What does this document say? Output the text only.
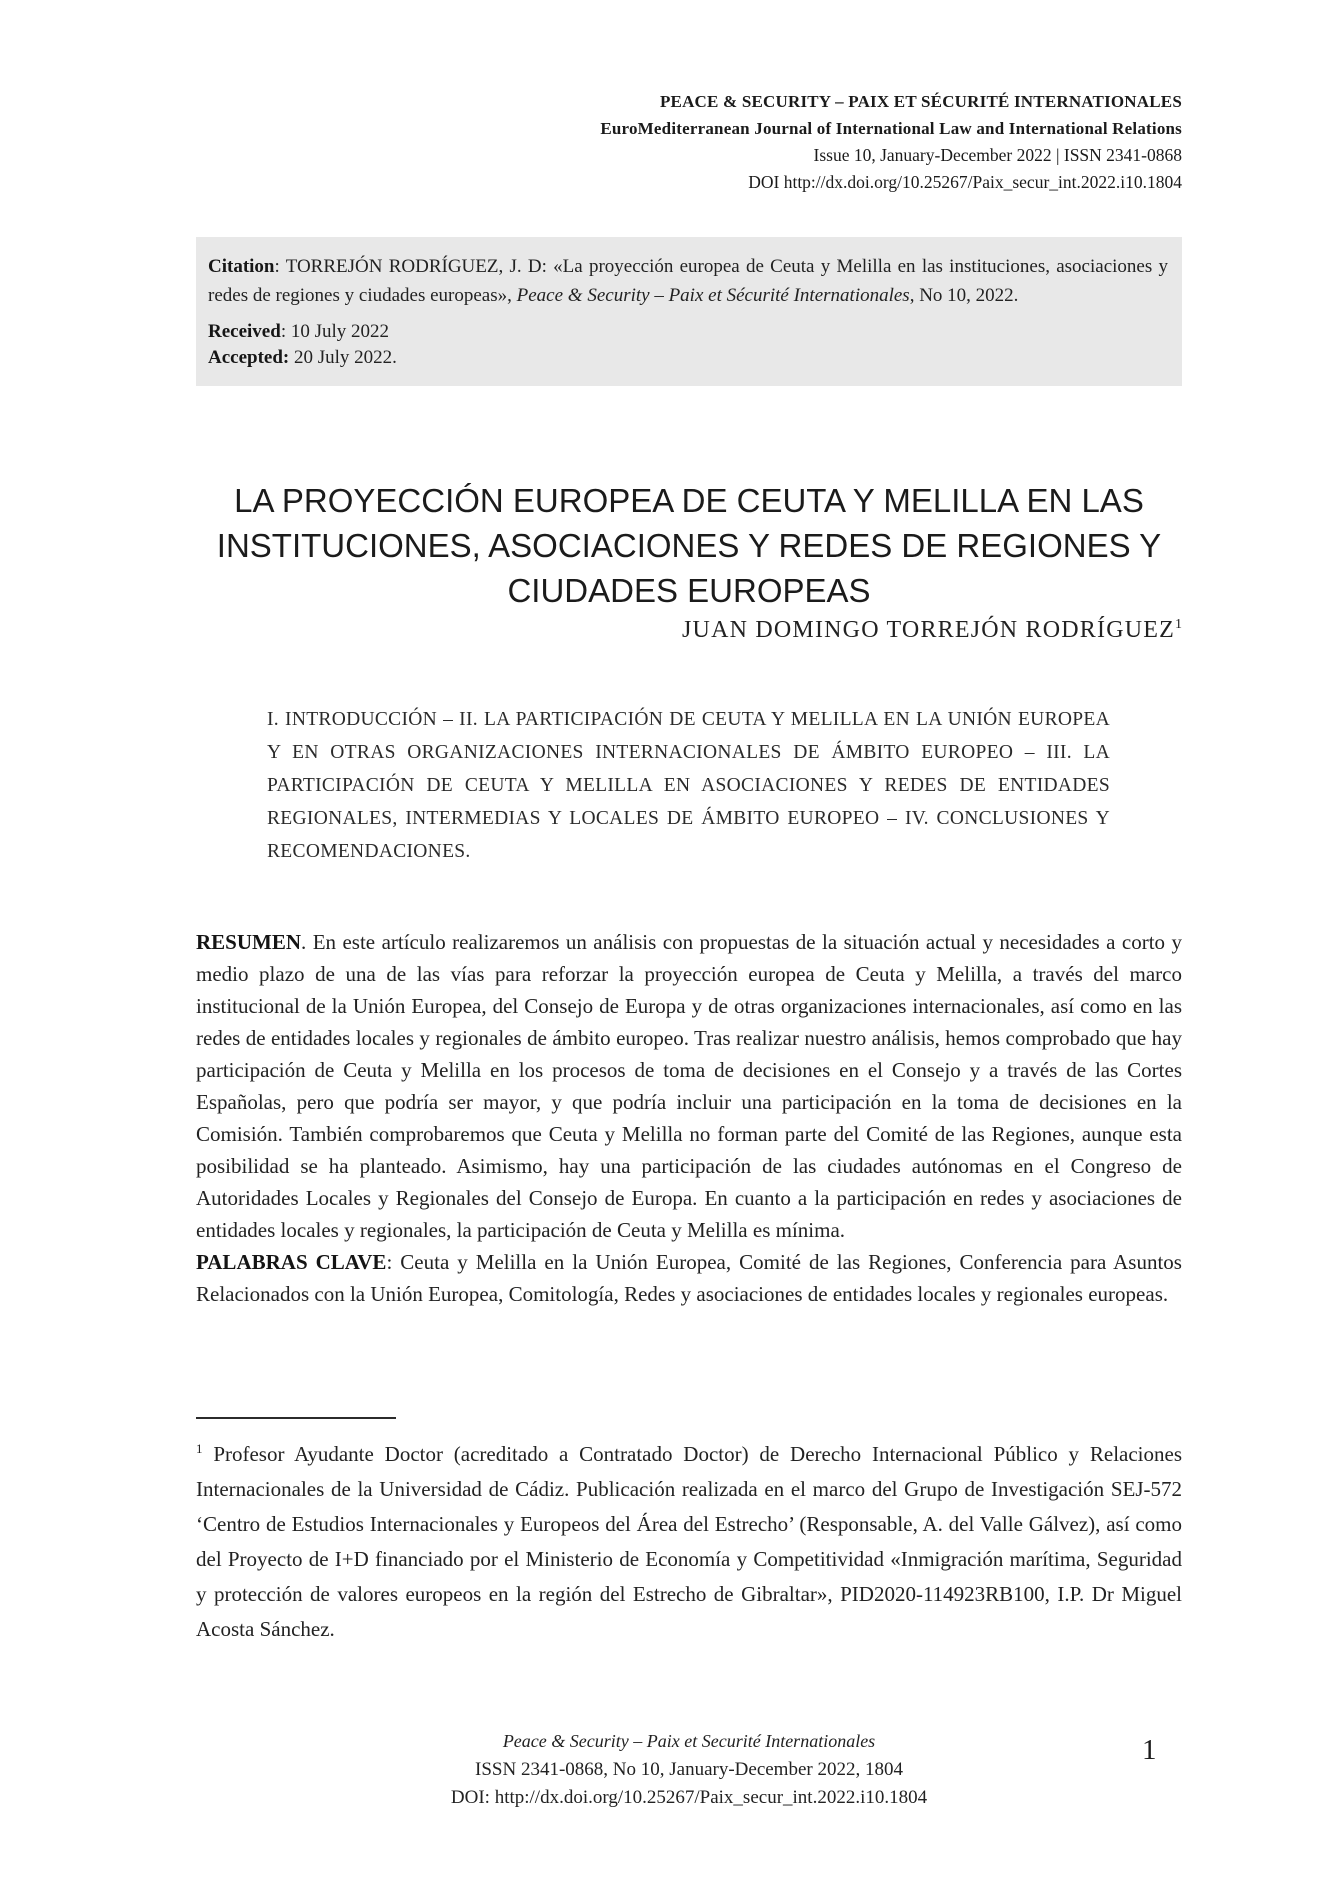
PEACE & SECURITY – PAIX ET SÉCURITÉ INTERNATIONALES
EuroMediterranean Journal of International Law and International Relations
Issue 10, January-December 2022 | ISSN 2341-0868
DOI http://dx.doi.org/10.25267/Paix_secur_int.2022.i10.1804

Citation: TORREJÓN RODRÍGUEZ, J. D: «La proyección europea de Ceuta y Melilla en las instituciones, asociaciones y redes de regiones y ciudades europeas», Peace & Security – Paix et Sécurité Internationales, No 10, 2022.

Received: 10 July 2022

Accepted: 20 July 2022.

LA PROYECCIÓN EUROPEA DE CEUTA Y MELILLA EN LAS
INSTITUCIONES, ASOCIACIONES Y REDES DE REGIONES Y
CIUDADES EUROPEAS
JUAN DOMINGO TORREJÓN RODRÍGUEZ$^1$
I. INTRODUCCIÓN – II. LA PARTICIPACIÓN DE CEUTA Y MELILLA EN LA UNIÓN EUROPEA Y EN OTRAS ORGANIZACIONES INTERNACIONALES DE ÁMBITO EUROPEO – III. LA PARTICIPACIÓN DE CEUTA Y MELILLA EN ASOCIACIONES Y REDES DE ENTIDADES REGIONALES, INTERMEDIAS Y LOCALES DE ÁMBITO EUROPEO – IV. CONCLUSIONES Y RECOMENDACIONES.

RESUMEN. En este artículo realizaremos un análisis con propuestas de la situación actual y necesidades a corto y medio plazo de una de las vías para reforzar la proyección europea de Ceuta y Melilla, a través del marco institucional de la Unión Europea, del Consejo de Europa y de otras organizaciones internacionales, así como en las redes de entidades locales y regionales de ámbito europeo. Tras realizar nuestro análisis, hemos comprobado que hay participación de Ceuta y Melilla en los procesos de toma de decisiones en el Consejo y a través de las Cortes Españolas, pero que podría ser mayor, y que podría incluir una participación en la toma de decisiones en la Comisión. También comprobaremos que Ceuta y Melilla no forman parte del Comité de las Regiones, aunque esta posibilidad se ha planteado. Asimismo, hay una participación de las ciudades autónomas en el Congreso de Autoridades Locales y Regionales del Consejo de Europa. En cuanto a la participación en redes y asociaciones de entidades locales y regionales, la participación de Ceuta y Melilla es mínima.

PALABRAS CLAVE: Ceuta y Melilla en la Unión Europea, Comité de las Regiones, Conferencia para Asuntos Relacionados con la Unión Europea, Comitología, Redes y asociaciones de entidades locales y regionales europeas.

$^1$ Profesor Ayudante Doctor (acreditado a Contratado Doctor) de Derecho Internacional Público y Relaciones Internacionales de la Universidad de Cádiz. Publicación realizada en el marco del Grupo de Investigación SEJ-572 ‘Centro de Estudios Internacionales y Europeos del Área del Estrecho’ (Responsable, A. del Valle Gálvez), así como del Proyecto de I+D financiado por el Ministerio de Economía y Competitividad «Inmigración marítima, Seguridad y protección de valores europeos en la región del Estrecho de Gibraltar», PID2020-114923RB100, I.P. Dr Miguel Acosta Sánchez.
Peace & Security – Paix et Securité Internationales
ISSN 2341-0868, No 10, January-December 2022, 1804
DOI: http://dx.doi.org/10.25267/Paix_secur_int.2022.i10.1804
1
